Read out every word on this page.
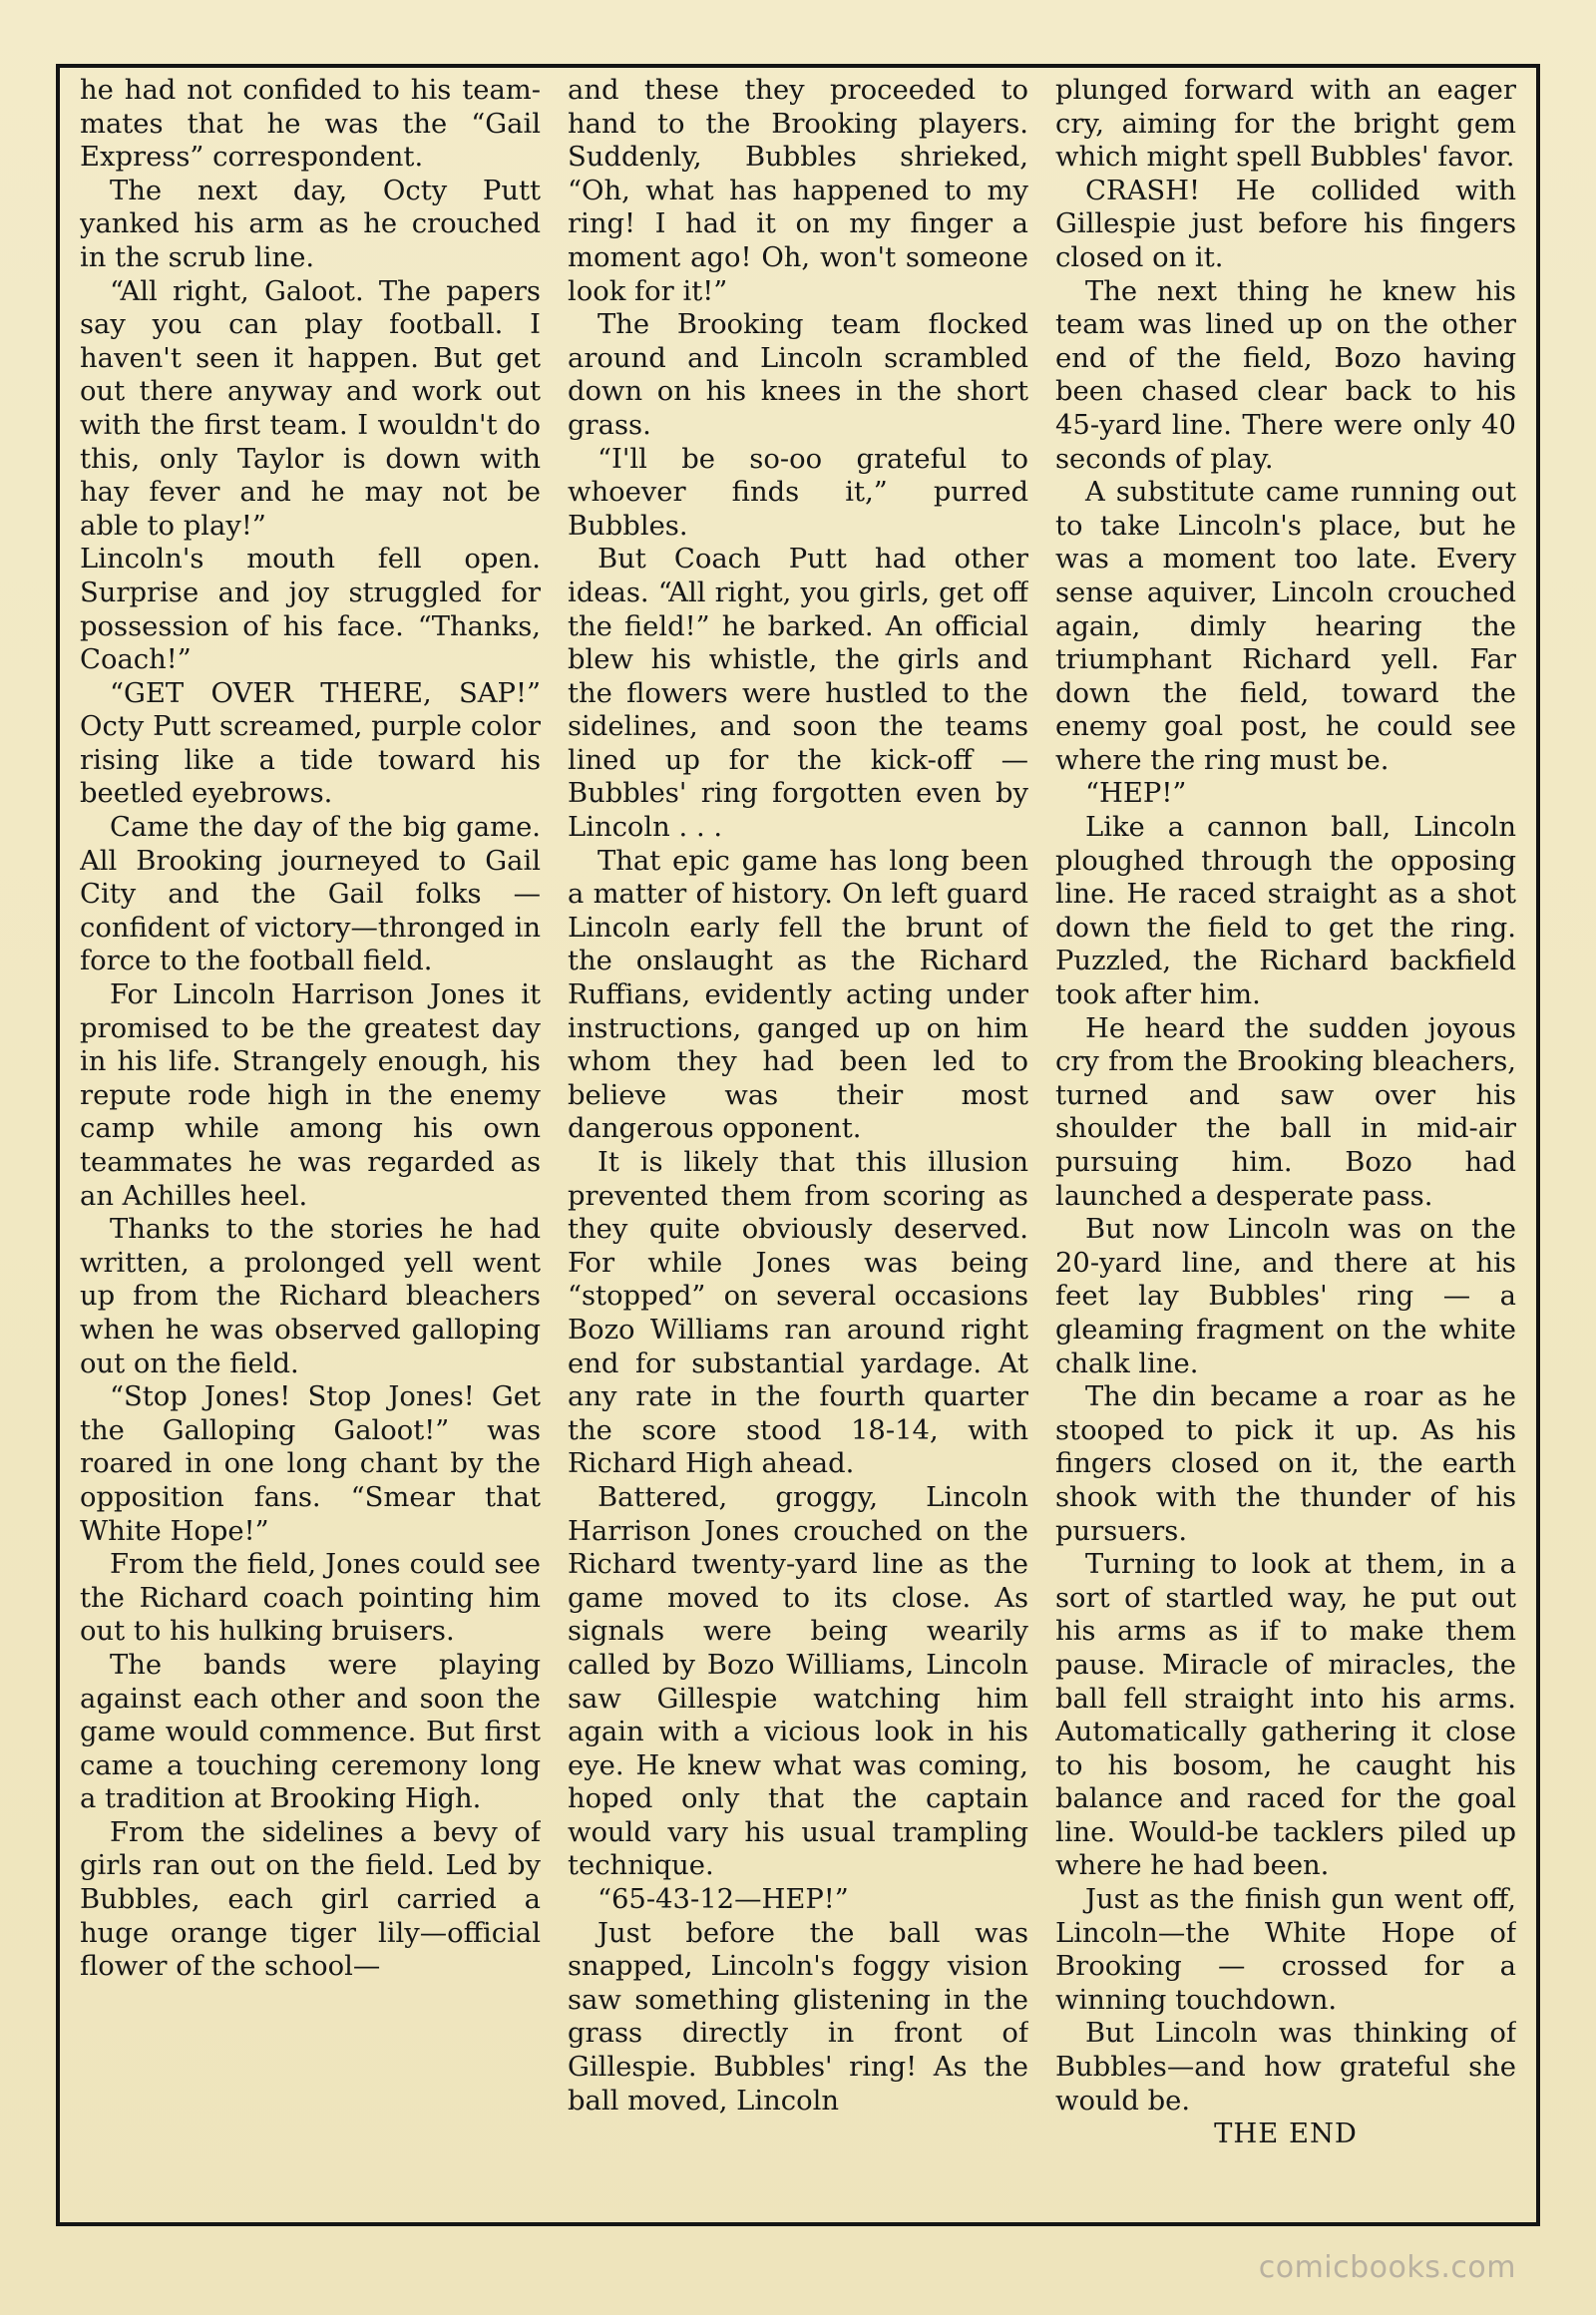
he had not confided to his team-mates that he was the “Gail Express” correspondent.

The next day, Octy Putt yanked his arm as he crouched in the scrub line.

“All right, Galoot. The papers say you can play football. I haven't seen it happen. But get out there anyway and work out with the first team. I wouldn't do this, only Taylor is down with hay fever and he may not be able to play!”

Lincoln's mouth fell open. Surprise and joy struggled for possession of his face. “Thanks, Coach!”

“GET OVER THERE, SAP!” Octy Putt screamed, purple color rising like a tide toward his beetled eyebrows.

Came the day of the big game. All Brooking journeyed to Gail City and the Gail folks — confident of victory—thronged in force to the football field.

For Lincoln Harrison Jones it promised to be the greatest day in his life. Strangely enough, his repute rode high in the enemy camp while among his own teammates he was regarded as an Achilles heel.

Thanks to the stories he had written, a prolonged yell went up from the Richard bleachers when he was observed galloping out on the field.

“Stop Jones! Stop Jones! Get the Galloping Galoot!” was roared in one long chant by the opposition fans. “Smear that White Hope!”

From the field, Jones could see the Richard coach pointing him out to his hulking bruisers.

The bands were playing against each other and soon the game would commence. But first came a touching ceremony long a tradition at Brooking High.

From the sidelines a bevy of girls ran out on the field. Led by Bubbles, each girl carried a huge orange tiger lily—official flower of the school—

and these they proceeded to hand to the Brooking players. Suddenly, Bubbles shrieked, “Oh, what has happened to my ring! I had it on my finger a moment ago! Oh, won't someone look for it!”

The Brooking team flocked around and Lincoln scrambled down on his knees in the short grass.

“I'll be so-oo grateful to whoever finds it,” purred Bubbles.

But Coach Putt had other ideas. “All right, you girls, get off the field!” he barked. An official blew his whistle, the girls and the flowers were hustled to the sidelines, and soon the teams lined up for the kick-off — Bubbles' ring forgotten even by Lincoln . . .

That epic game has long been a matter of history. On left guard Lincoln early fell the brunt of the onslaught as the Richard Ruffians, evidently acting under instructions, ganged up on him whom they had been led to believe was their most dangerous opponent.

It is likely that this illusion prevented them from scoring as they quite obviously deserved. For while Jones was being “stopped” on several occasions Bozo Williams ran around right end for substantial yardage. At any rate in the fourth quarter the score stood 18-14, with Richard High ahead.

Battered, groggy, Lincoln Harrison Jones crouched on the Richard twenty-yard line as the game moved to its close. As signals were being wearily called by Bozo Williams, Lincoln saw Gillespie watching him again with a vicious look in his eye. He knew what was coming, hoped only that the captain would vary his usual trampling technique.

“65-43-12—HEP!”

Just before the ball was snapped, Lincoln's foggy vision saw something glistening in the grass directly in front of Gillespie. Bubbles' ring! As the ball moved, Lincoln

plunged forward with an eager cry, aiming for the bright gem which might spell Bubbles' favor.

CRASH! He collided with Gillespie just before his fingers closed on it.

The next thing he knew his team was lined up on the other end of the field, Bozo having been chased clear back to his 45-yard line. There were only 40 seconds of play.

A substitute came running out to take Lincoln's place, but he was a moment too late. Every sense aquiver, Lincoln crouched again, dimly hearing the triumphant Richard yell. Far down the field, toward the enemy goal post, he could see where the ring must be.

“HEP!”

Like a cannon ball, Lincoln ploughed through the opposing line. He raced straight as a shot down the field to get the ring. Puzzled, the Richard backfield took after him.

He heard the sudden joyous cry from the Brooking bleachers, turned and saw over his shoulder the ball in mid-air pursuing him. Bozo had launched a desperate pass.

But now Lincoln was on the 20-yard line, and there at his feet lay Bubbles' ring — a gleaming fragment on the white chalk line.

The din became a roar as he stooped to pick it up. As his fingers closed on it, the earth shook with the thunder of his pursuers.

Turning to look at them, in a sort of startled way, he put out his arms as if to make them pause. Miracle of miracles, the ball fell straight into his arms. Automatically gathering it close to his bosom, he caught his balance and raced for the goal line. Would-be tacklers piled up where he had been.

Just as the finish gun went off, Lincoln—the White Hope of Brooking — crossed for a winning touchdown.

But Lincoln was thinking of Bubbles—and how grateful she would be.

THE END

comicbooks.com
